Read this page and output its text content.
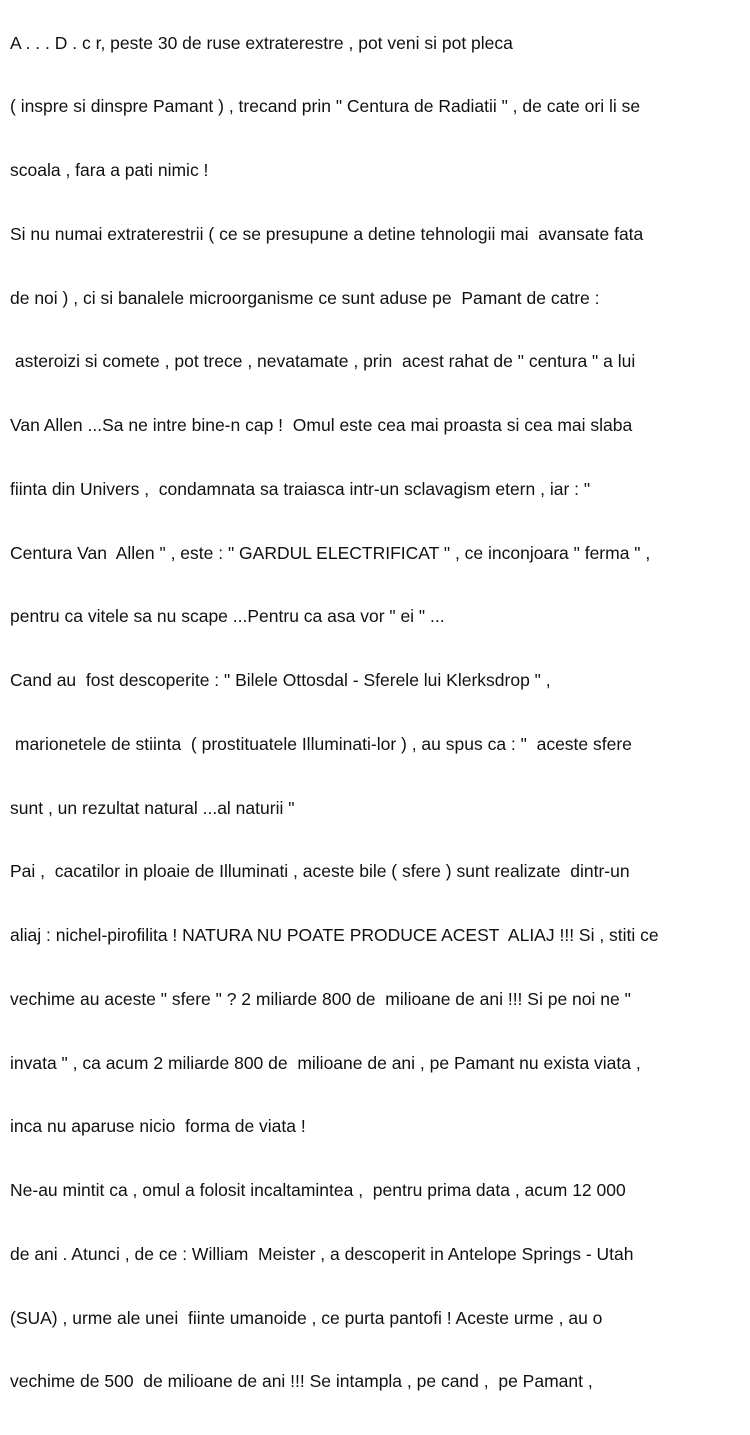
A . . . D . c r, peste 30 de ruse extraterestre , pot veni si pot pleca

( inspre si dinspre Pamant ) , trecand prin " Centura de Radiatii " , de cate ori li se

scoala , fara a pati nimic !

Si nu numai extraterestrii ( ce se presupune a detine tehnologii mai  avansate fata

de noi ) , ci si banalele microorganisme ce sunt aduse pe  Pamant de catre :

asteroizi si comete , pot trece , nevatamate , prin  acest rahat de " centura " a lui

Van Allen ...Sa ne intre bine-n cap !  Omul este cea mai proasta si cea mai slaba

fiinta din Univers ,  condamnata sa traiasca intr-un sclavagism etern , iar : "

Centura Van  Allen " , este : " GARDUL ELECTRIFICAT " , ce inconjoara " ferma " ,

pentru ca vitele sa nu scape ...Pentru ca asa vor " ei " ...

Cand au  fost descoperite : " Bilele Ottosdal - Sferele lui Klerksdrop " ,

marionetele de stiinta  ( prostituatele Illuminati-lor ) , au spus ca : "  aceste sfere

sunt , un rezultat natural ...al naturii "

Pai ,  cacatilor in ploaie de Illuminati , aceste bile ( sfere ) sunt realizate  dintr-un

aliaj : nichel-pirofilita ! NATURA NU POATE PRODUCE ACEST  ALIAJ !!! Si , stiti ce

vechime au aceste " sfere " ? 2 miliarde 800 de  milioane de ani !!! Si pe noi ne "

invata " , ca acum 2 miliarde 800 de  milioane de ani , pe Pamant nu exista viata ,

inca nu aparuse nicio  forma de viata !

Ne-au mintit ca , omul a folosit incaltamintea ,  pentru prima data , acum 12 000

de ani . Atunci , de ce : William  Meister , a descoperit in Antelope Springs - Utah

(SUA) , urme ale unei  fiinte umanoide , ce purta pantofi ! Aceste urme , au o

vechime de 500  de milioane de ani !!! Se intampla , pe cand ,  pe Pamant ,
